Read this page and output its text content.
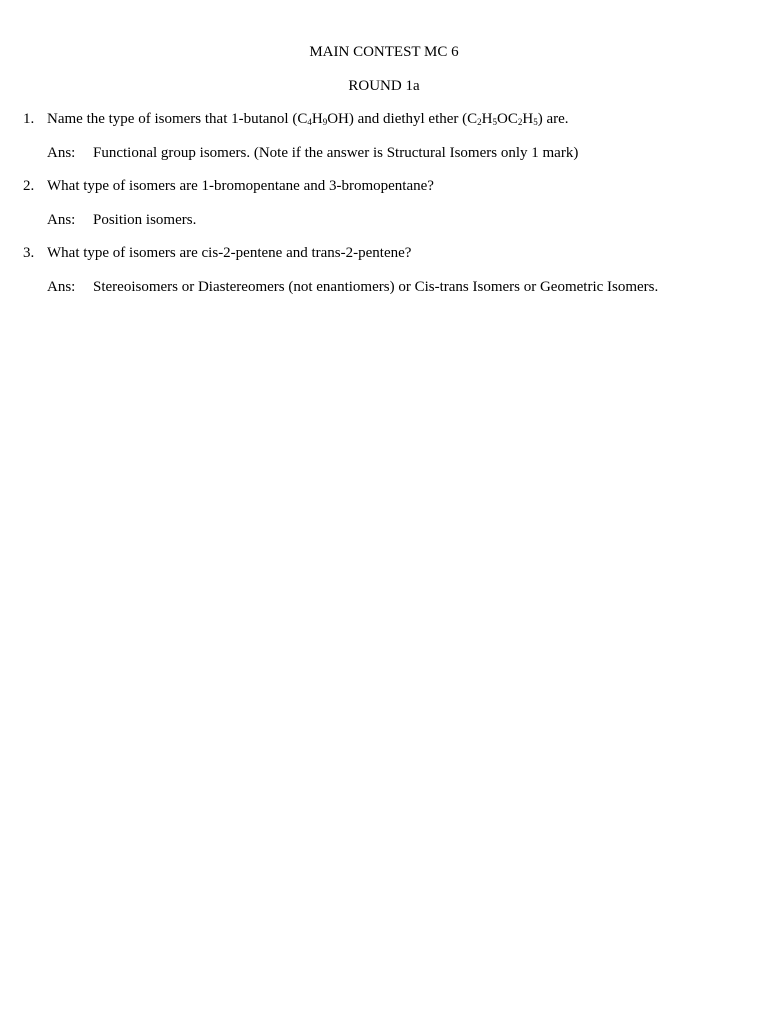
MAIN CONTEST MC 6
ROUND 1a
1. Name the type of isomers that 1-butanol $(C_4H_9OH)$ and diethyl ether $(C_2H_5OC_2H_5)$ are.
Ans: Functional group isomers. (Note if the answer is Structural Isomers only 1 mark)
2. What type of isomers are 1-bromopentane and 3-bromopentane?
Ans: Position isomers.
3. What type of isomers are cis-2-pentene and trans-2-pentene?
Ans: Stereoisomers or Diastereomers (not enantiomers) or Cis-trans Isomers or Geometric Isomers.
